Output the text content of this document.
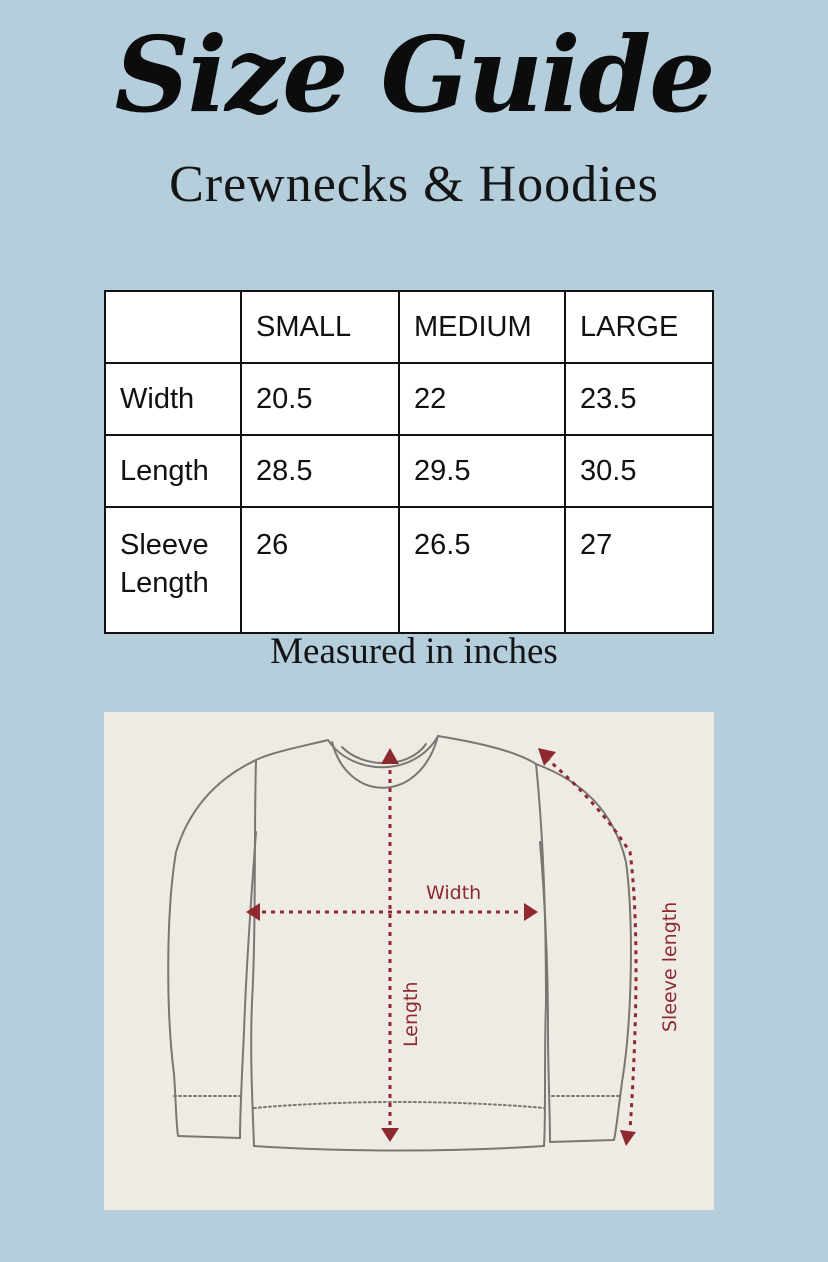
Size Guide
Crewnecks & Hoodies
	SMALL	MEDIUM	LARGE
Width	20.5	22	23.5
Length	28.5	29.5	30.5
Sleeve
Length	26	26.5	27
Measured in inches
Width
Length	Sleeve length
